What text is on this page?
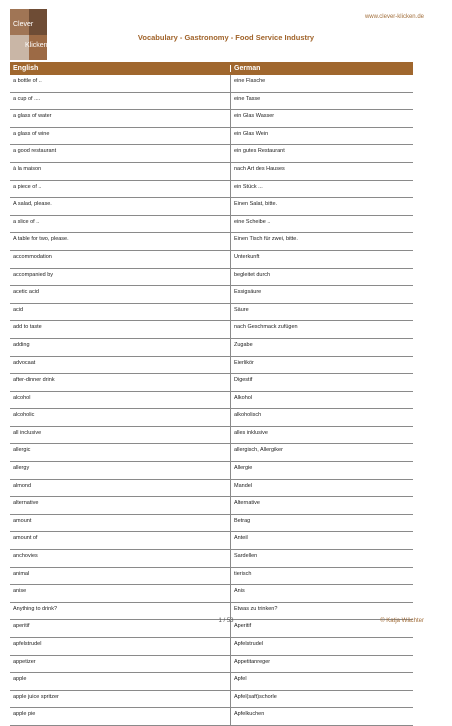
Clever
Klicken
www.clever-klicken.de
Vocabulary - Gastronomy - Food Service Industry
English	German
a bottle of ..	eine Flasche
a cup of ....	eine Tasse
a glass of water	ein Glas Wasser
a glass of wine	ein Glas Wein
a good restaurant	ein gutes Restaurant
à la maison	nach Art des Hauses
a piece of ..	ein Stück ...
A salad, please.	Einen Salat, bitte.
a slice of ..	eine Scheibe ..
A table for two, please.	Einen Tisch für zwei, bitte.
accommodation	Unterkunft
accompanied by	begleitet durch
acetic acid	Essigsäure
acid	Säure
add to taste	nach Geschmack zufügen
adding	Zugabe
advocaat	Eierlikör
after-dinner drink	Digestif
alcohol	Alkohol
alcoholic	alkoholisch
all inclusive	alles inklusive
allergic	allergisch, Allergiker
allergy	Allergie
almond	Mandel
alternative	Alternative
amount	Betrag
amount of	Anteil
anchovies	Sardellen
animal	tierisch
anise	Anis
Anything to drink?	Etwas zu trinken?
aperitif	Aperitif
apfelstrudel	Apfelstrudel
appetizer	Appetitanreger
apple	Apfel
apple juice spritzer	Apfel(saft)schorle
apple pie	Apfelkuchen
1 / 53	© Katja Wächter
